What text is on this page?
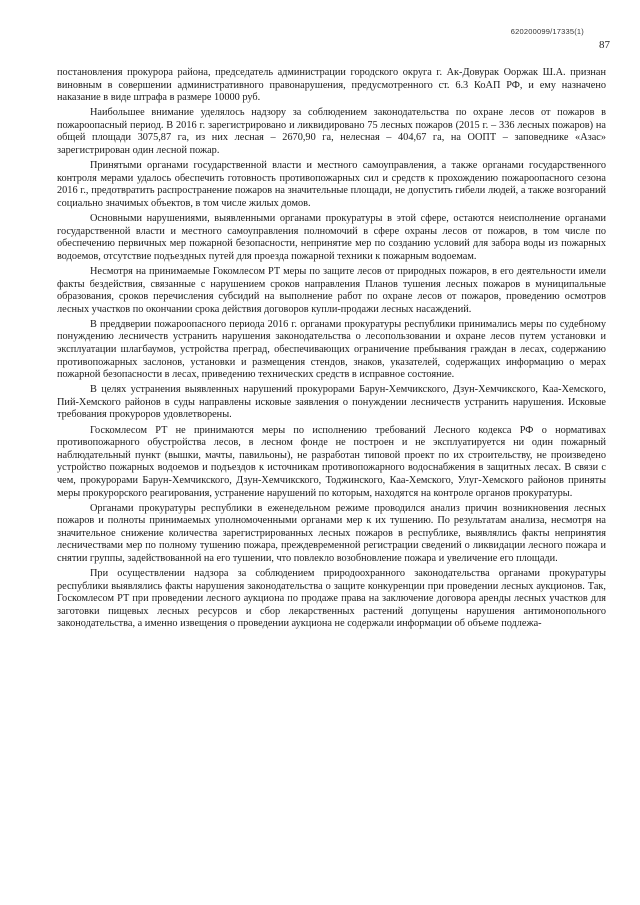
620200099/17335(1)
87

постановления прокурора района, председатель администрации городского округа г. Ак-Довурак Ооржак Ш.А. признан виновным в совершении административного правонарушения, предусмотренного ст. 6.3 КоАП РФ, и ему назначено наказание в виде штрафа в размере 10000 руб.

Наибольшее внимание уделялось надзору за соблюдением законодательства по охране лесов от пожаров в пожароопасный период. В 2016 г. зарегистрировано и ликвидировано 75 лесных пожаров (2015 г. – 336 лесных пожаров) на общей площади 3075,87 га, из них лесная – 2670,90 га, нелесная – 404,67 га, на ООПТ – заповеднике «Азас» зарегистрирован один лесной пожар.

Принятыми органами государственной власти и местного самоуправления, а также органами государственного контроля мерами удалось обеспечить готовность противопожарных сил и средств к прохождению пожароопасного сезона 2016 г., предотвратить распространение пожаров на значительные площади, не допустить гибели людей, а также возгораний социально значимых объектов, в том числе жилых домов.

Основными нарушениями, выявленными органами прокуратуры в этой сфере, остаются неисполнение органами государственной власти и местного самоуправления полномочий в сфере охраны лесов от пожаров, в том числе по обеспечению первичных мер пожарной безопасности, непринятие мер по созданию условий для забора воды из пожарных водоемов, отсутствие подъездных путей для проезда пожарной техники к пожарным водоемам.

Несмотря на принимаемые Гокомлесом РТ меры по защите лесов от природных пожаров, в его деятельности имели факты бездействия, связанные с нарушением сроков направления Планов тушения лесных пожаров в муниципальные образования, сроков перечисления субсидий на выполнение работ по охране лесов от пожаров, проведению осмотров лесных участков по окончании срока действия договоров купли-продажи лесных насаждений.

В преддверии пожароопасного периода 2016 г. органами прокуратуры республики принимались меры по судебному понуждению лесничеств устранить нарушения законодательства о лесопользовании и охране лесов путем установки и эксплуатации шлагбаумов, устройства преград, обеспечивающих ограничение пребывания граждан в лесах, содержанию противопожарных заслонов, установки и размещения стендов, знаков, указателей, содержащих информацию о мерах пожарной безопасности в лесах, приведению технических средств в исправное состояние.

В целях устранения выявленных нарушений прокурорами Барун-Хемчикского, Дзун-Хемчикского, Каа-Хемского, Пий-Хемского районов в суды направлены исковые заявления о понуждении лесничеств устранить нарушения. Исковые требования прокуроров удовлетворены.

Госкомлесом РТ не принимаются меры по исполнению требований Лесного кодекса РФ о нормативах противопожарного обустройства лесов, в лесном фонде не построен и не эксплуатируется ни один пожарный наблюдательный пункт (вышки, мачты, павильоны), не разработан типовой проект по их строительству, не произведено устройство пожарных водоемов и подъездов к источникам противопожарного водоснабжения в защитных лесах. В связи с чем, прокурорами Барун-Хемчикского, Дзун-Хемчикского, Тоджинского, Каа-Хемского, Улуг-Хемского районов приняты меры прокурорского реагирования, устранение нарушений по которым, находятся на контроле органов прокуратуры.

Органами прокуратуры республики в еженедельном режиме проводился анализ причин возникновения лесных пожаров и полноты принимаемых уполномоченными органами мер к их тушению. По результатам анализа, несмотря на значительное снижение количества зарегистрированных лесных пожаров в республике, выявлялись факты непринятия лесничествами мер по полному тушению пожара, преждевременной регистрации сведений о ликвидации лесного пожара и снятии группы, задействованной на его тушении, что повлекло возобновление пожара и увеличение его площади.

При осуществлении надзора за соблюдением природоохранного законодательства органами прокуратуры республики выявлялись факты нарушения законодательства о защите конкуренции при проведении лесных аукционов. Так, Госкомлесом РТ при проведении лесного аукциона по продаже права на заключение договора аренды лесных участков для заготовки пищевых лесных ресурсов и сбор лекарственных растений допущены нарушения антимонопольного законодательства, а именно извещения о проведении аукциона не содержали информации об объеме подлежа-
